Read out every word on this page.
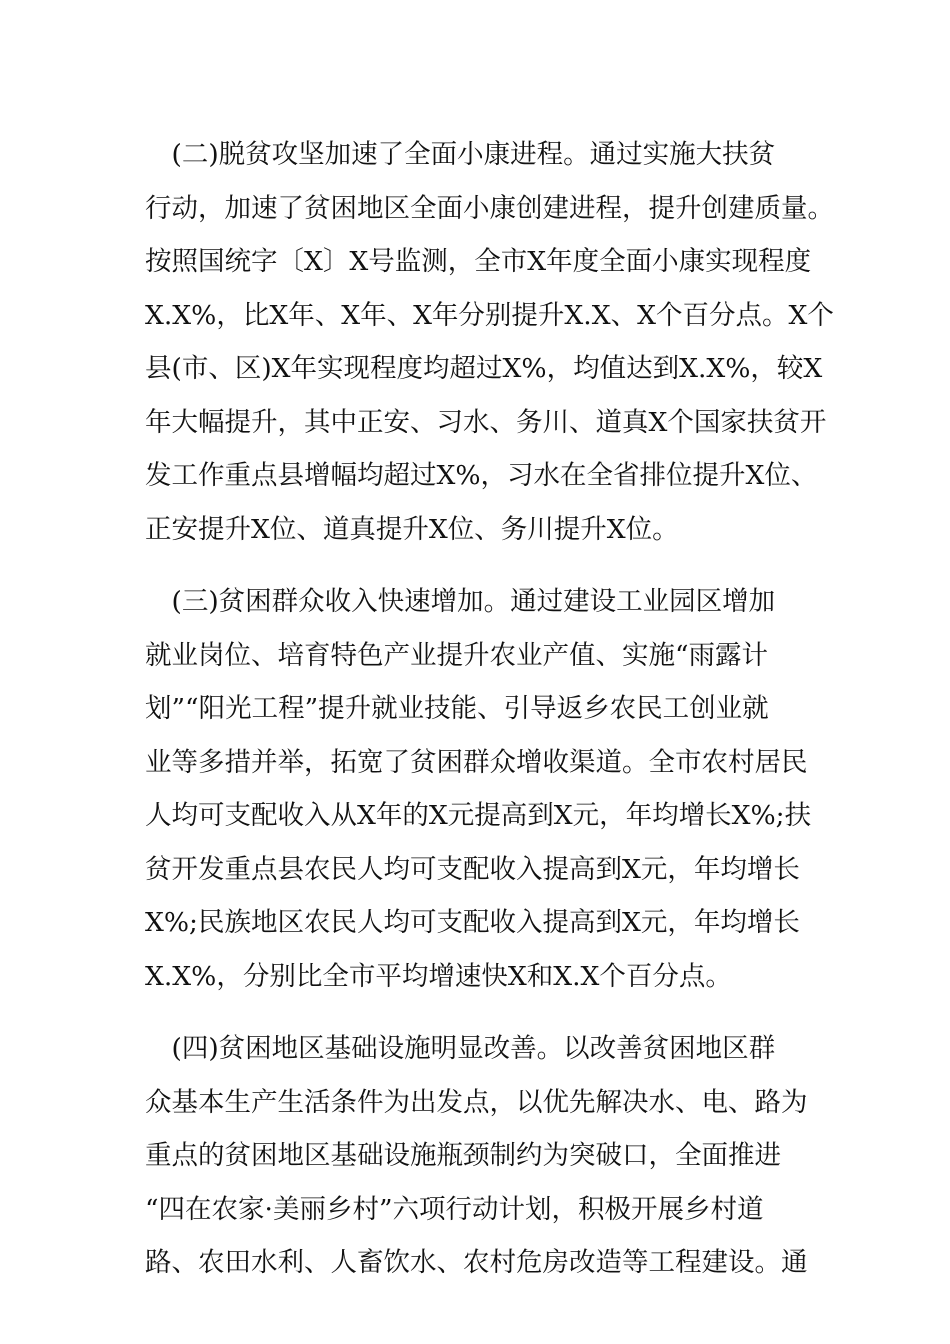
　(二)脱贫攻坚加速了全面小康进程。通过实施大扶贫
行动，加速了贫困地区全面小康创建进程，提升创建质量。
按照国统字〔X〕X号监测，全市X年度全面小康实现程度
X.X%，比X年、X年、X年分别提升X.X、X个百分点。X个
县(市、区)X年实现程度均超过X%，均值达到X.X%，较X
年大幅提升，其中正安、习水、务川、道真X个国家扶贫开
发工作重点县增幅均超过X%，习水在全省排位提升X位、
正安提升X位、道真提升X位、务川提升X位。
　(三)贫困群众收入快速增加。通过建设工业园区增加
就业岗位、培育特色产业提升农业产值、实施“雨露计
划”“阳光工程”提升就业技能、引导返乡农民工创业就
业等多措并举，拓宽了贫困群众增收渠道。全市农村居民
人均可支配收入从X年的X元提高到X元，年均增长X%;扶
贫开发重点县农民人均可支配收入提高到X元，年均增长
X%;民族地区农民人均可支配收入提高到X元，年均增长
X.X%，分别比全市平均增速快X和X.X个百分点。
　(四)贫困地区基础设施明显改善。以改善贫困地区群
众基本生产生活条件为出发点，以优先解决水、电、路为
重点的贫困地区基础设施瓶颈制约为突破口，全面推进
“四在农家·美丽乡村”六项行动计划，积极开展乡村道
路、农田水利、人畜饮水、农村危房改造等工程建设。通
